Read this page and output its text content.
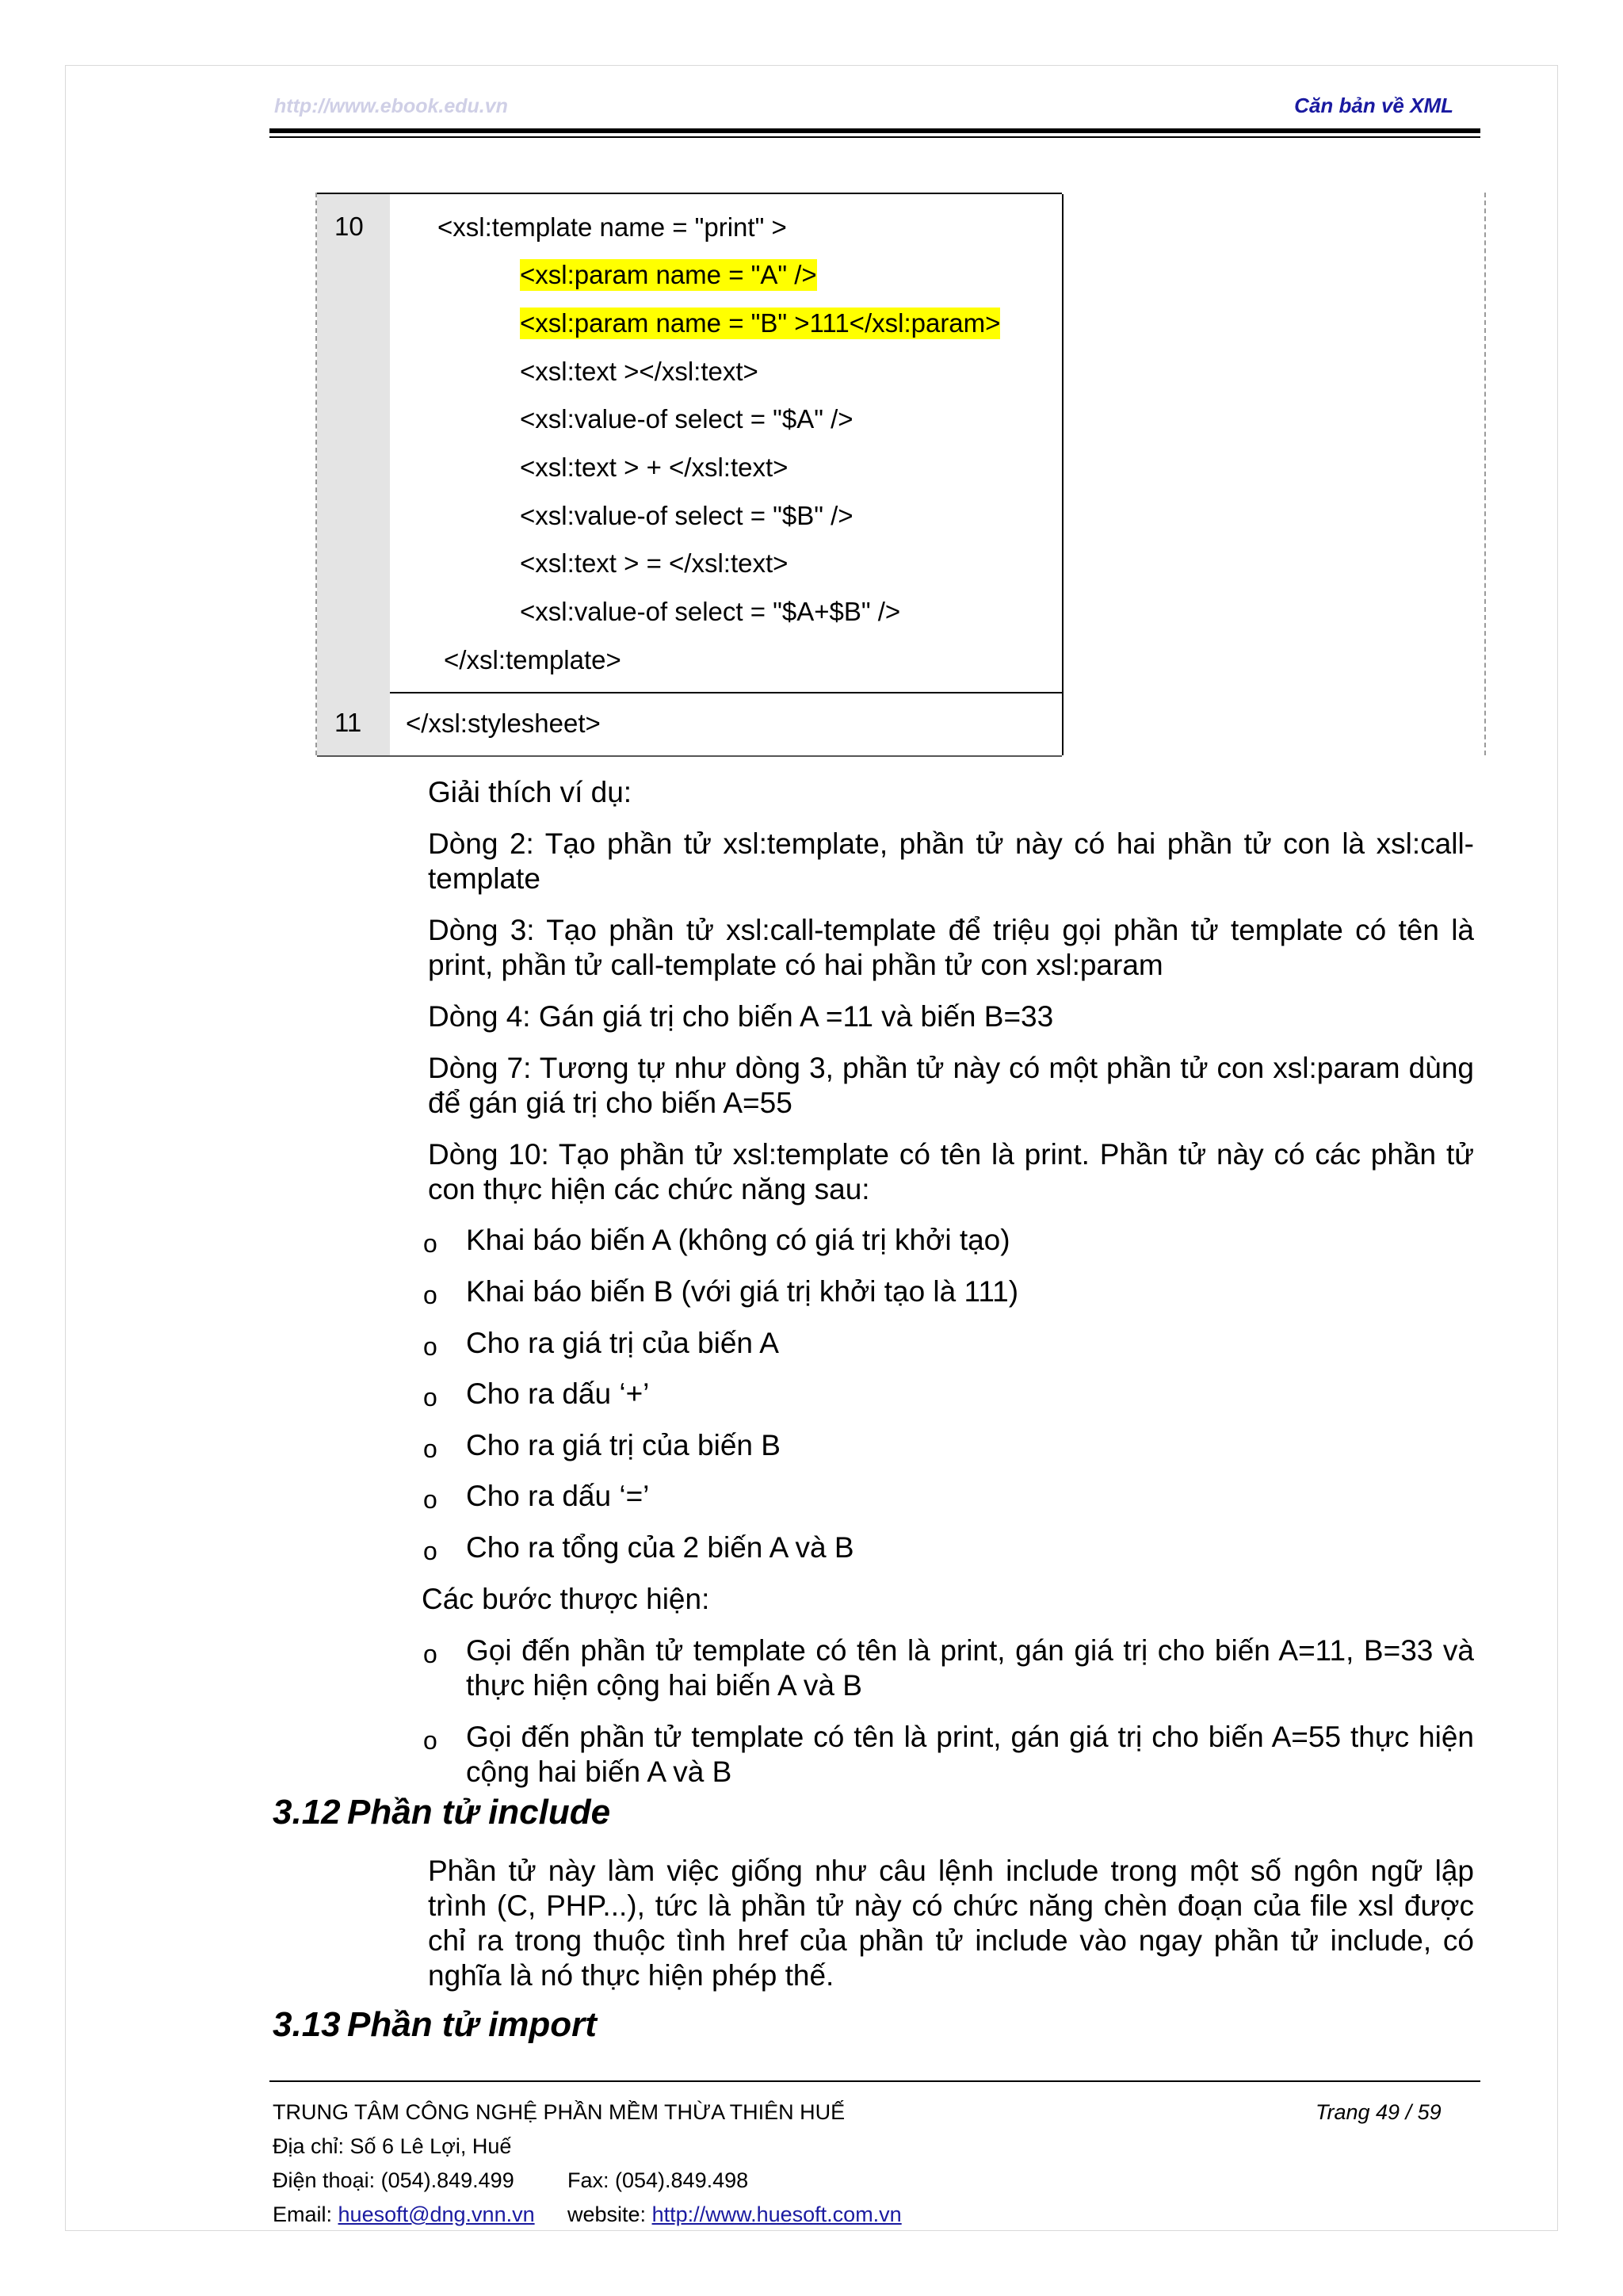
http://www.ebook.edu.vn	Căn bản về XML
10	<xsl:template name = "print" >
<xsl:param name = "A" />
<xsl:param name = "B" >111</xsl:param>
<xsl:text ></xsl:text>
<xsl:value-of select = "$A" />
<xsl:text > + </xsl:text>
<xsl:value-of select = "$B" />
<xsl:text > = </xsl:text>
<xsl:value-of select = "$A+$B" />
</xsl:template>
11 </xsl:stylesheet>
Giải thích ví dụ:
Dòng 2: Tạo phần tử xsl:template, phần tử này có hai phần tử con là xsl:call-template
Dòng 3: Tạo phần tử xsl:call-template để triệu gọi phần tử template có tên là print, phần tử call-template có hai phần tử con xsl:param
Dòng 4: Gán giá trị cho biến A =11 và biến B=33
Dòng 7: Tương tự như dòng 3, phần tử này có một phần tử con xsl:param dùng để gán giá trị cho biến A=55
Dòng 10: Tạo phần tử xsl:template có tên là print. Phần tử này có các phần tử con thực hiện các chức năng sau:
o Khai báo biến A (không có giá trị khởi tạo)
o Khai báo biến B (với giá trị khởi tạo là 111)
o Cho ra giá trị của biến A
o Cho ra dấu ‘+’
o Cho ra giá trị của biến B
o Cho ra dấu ‘=’
o Cho ra tổng của 2 biến A và B
Các bước thược hiện:
o Gọi đến phần tử template có tên là print, gán giá trị cho biến A=11, B=33 và thực hiện cộng hai biến A và B
o Gọi đến phần tử template có tên là print, gán giá trị cho biến A=55 thực hiện cộng hai biến A và B
3.12 Phần tử include
Phần tử này làm việc giống như câu lệnh include trong một số ngôn ngữ lập trình (C, PHP...), tức là phần tử này có chức năng chèn đoạn của file xsl được chỉ ra trong thuộc tình href của phần tử include vào ngay phần tử include, có nghĩa là nó thực hiện phép thế.
3.13 Phần tử import
TRUNG TÂM CÔNG NGHỆ PHẦN MỀM THỪA THIÊN HUẾ	Trang 49 / 59
Địa chỉ: Số 6 Lê Lợi, Huế
Điện thoại: (054).849.499 Fax: (054).849.498
Email: huesoft@dng.vnn.vn website: http://www.huesoft.com.vn
